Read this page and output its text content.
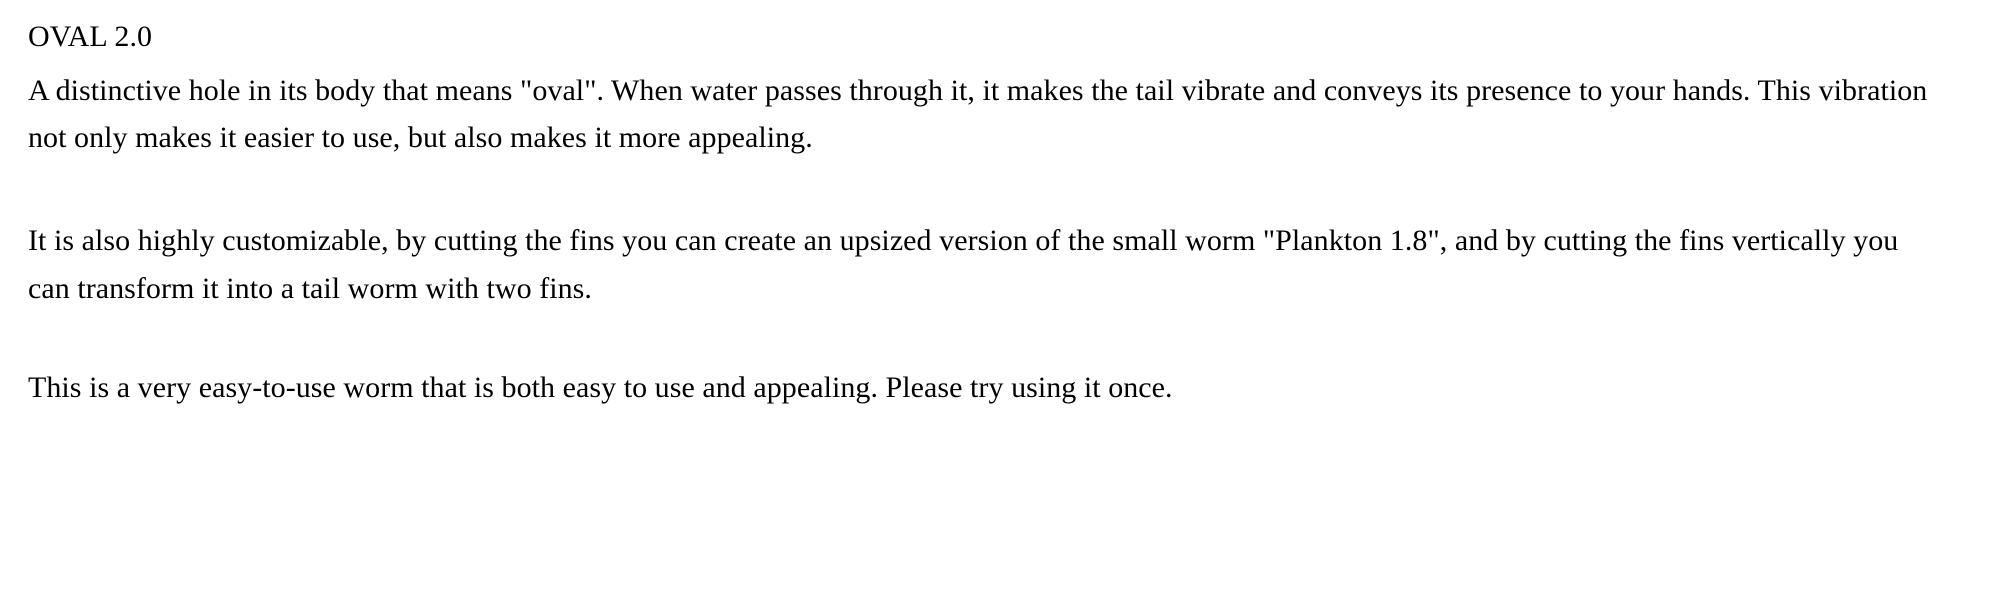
OVAL 2.0

A distinctive hole in its body that means "oval". When water passes through it, it makes the tail vibrate and conveys its presence to your hands. This vibration not only makes it easier to use, but also makes it more appealing.

It is also highly customizable, by cutting the fins you can create an upsized version of the small worm "Plankton 1.8", and by cutting the fins vertically you can transform it into a tail worm with two fins.

This is a very easy-to-use worm that is both easy to use and appealing. Please try using it once.
